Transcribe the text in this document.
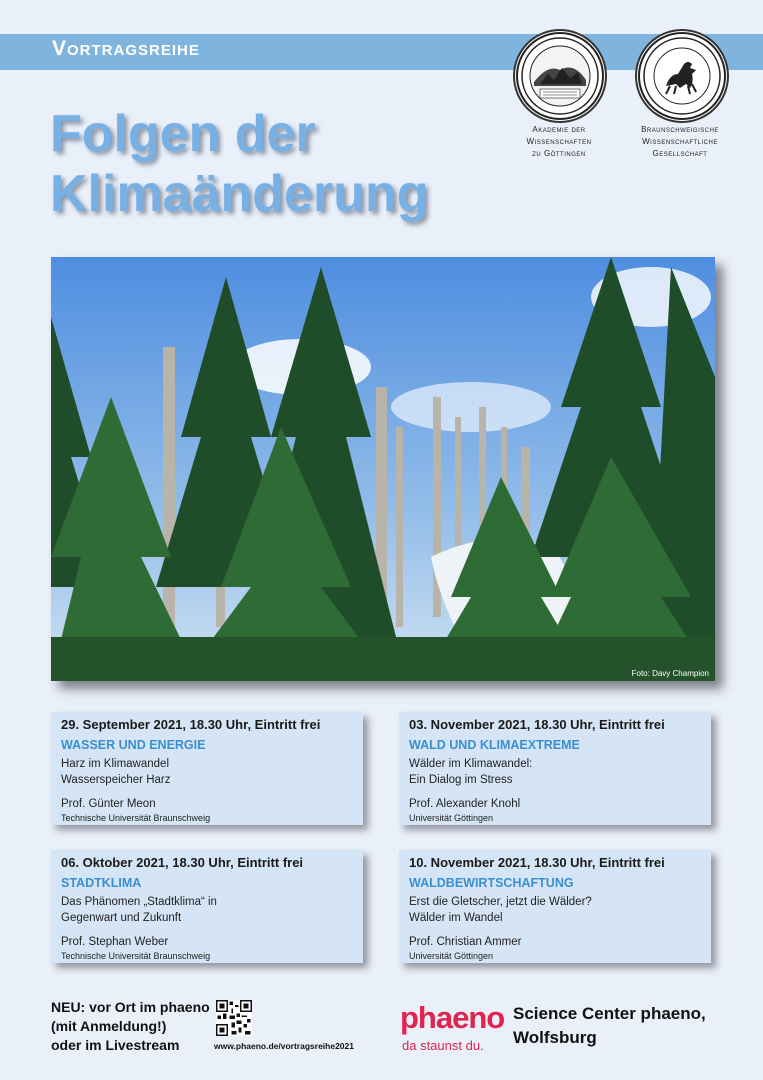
Vortragsreihe
Folgen der
Klimaänderung
Akademie der
Wissenschaften
zu Göttingen
Braunschweigische
Wissenschaftliche
Gesellschaft
Foto: Davy Champion
29. September 2021, 18.30 Uhr, Eintritt frei
WASSER UND ENERGIE
Harz im Klimawandel
Wasserspeicher Harz
Prof. Günter Meon
Technische Universität Braunschweig
03. November 2021, 18.30 Uhr, Eintritt frei
WALD UND KLIMAEXTREME
Wälder im Klimawandel:
Ein Dialog im Stress
Prof. Alexander Knohl
Universität Göttingen
06. Oktober 2021, 18.30 Uhr, Eintritt frei
STADTKLIMA
Das Phänomen „Stadtklima“ in
Gegenwart und Zukunft
Prof. Stephan Weber
Technische Universität Braunschweig
10. November 2021, 18.30 Uhr, Eintritt frei
WALDBEWIRTSCHAFTUNG
Erst die Gletscher, jetzt die Wälder?
Wälder im Wandel
Prof. Christian Ammer
Universität Göttingen
NEU: vor Ort im phaeno
(mit Anmeldung!)
oder im Livestream	www.phaeno.de/vortragsreihe2021
phaeno
da staunst du.
Science Center phaeno,
Wolfsburg
